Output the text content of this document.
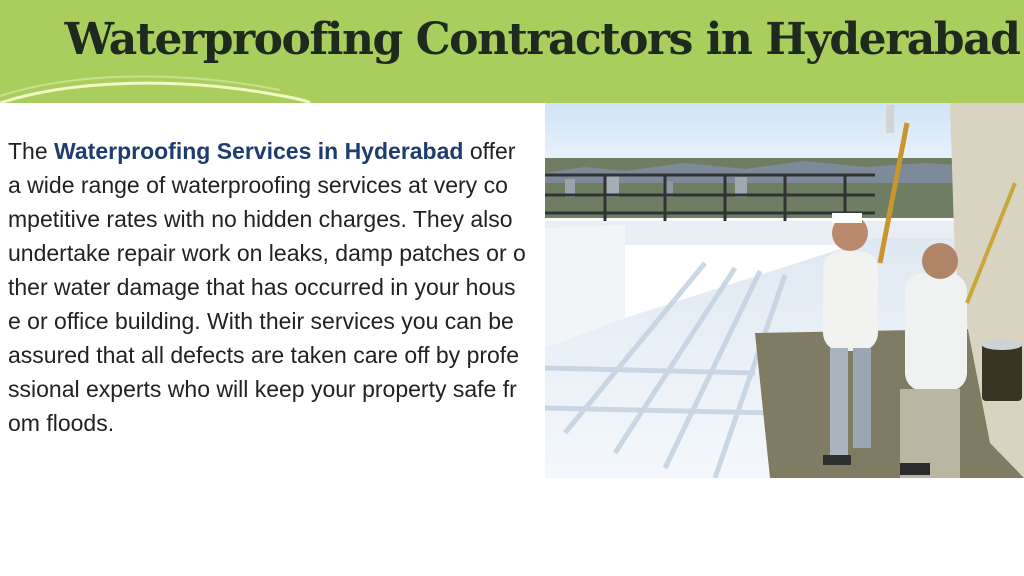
Waterproofing Contractors in Hyderabad
The Waterproofing Services in Hyderabad offer a wide range of waterproofing services at very competitive rates with no hidden charges. They also undertake repair work on leaks, damp patches or other water damage that has occurred in your house or office building. With their services you can be assured that all defects are taken care off by professional experts who will keep your property safe from floods.
